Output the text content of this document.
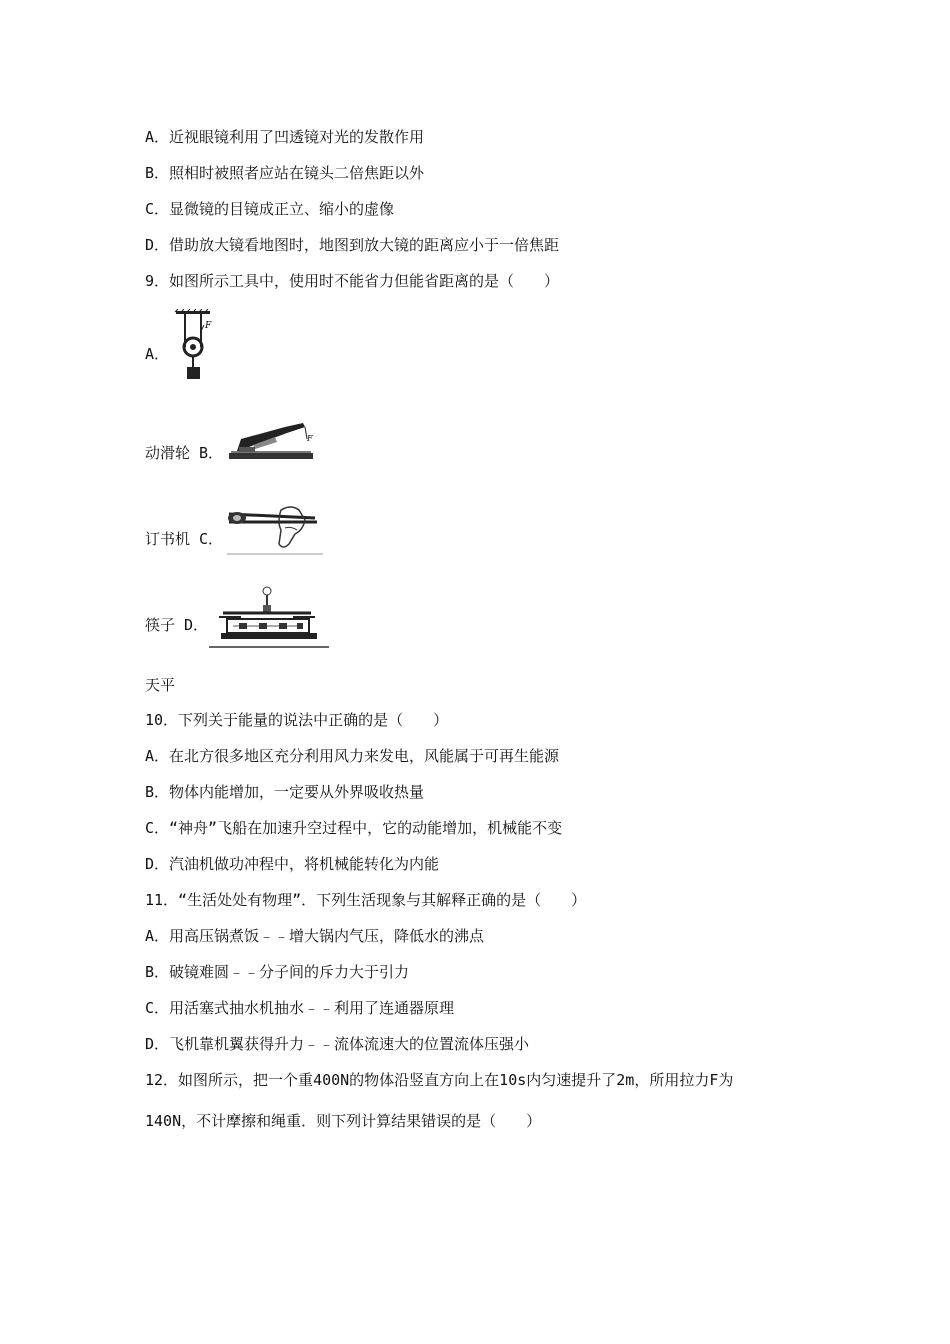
A．近视眼镜利用了凹透镜对光的发散作用
B．照相时被照者应站在镜头二倍焦距以外
C．显微镜的目镜成正立、缩小的虚像
D．借助放大镜看地图时，地图到放大镜的距离应小于一倍焦距
9．如图所示工具中，使用时不能省力但能省距离的是（　　）
A．
F
动滑轮 B．
F
订书机 C．
筷子 D．
天平
10．下列关于能量的说法中正确的是（　　）
A．在北方很多地区充分利用风力来发电，风能属于可再生能源
B．物体内能增加，一定要从外界吸收热量
C．“神舟”飞船在加速升空过程中，它的动能增加，机械能不变
D．汽油机做功冲程中，将机械能转化为内能
11．“生活处处有物理”．下列生活现象与其解释正确的是（　　）
A．用高压锅煮饭﹣﹣增大锅内气压，降低水的沸点
B．破镜难圆﹣﹣分子间的斥力大于引力
C．用活塞式抽水机抽水﹣﹣利用了连通器原理
D．飞机靠机翼获得升力﹣﹣流体流速大的位置流体压强小
12．如图所示，把一个重400N的物体沿竖直方向上在10s内匀速提升了2m，所用拉力F为
140N，不计摩擦和绳重．则下列计算结果错误的是（　　）
